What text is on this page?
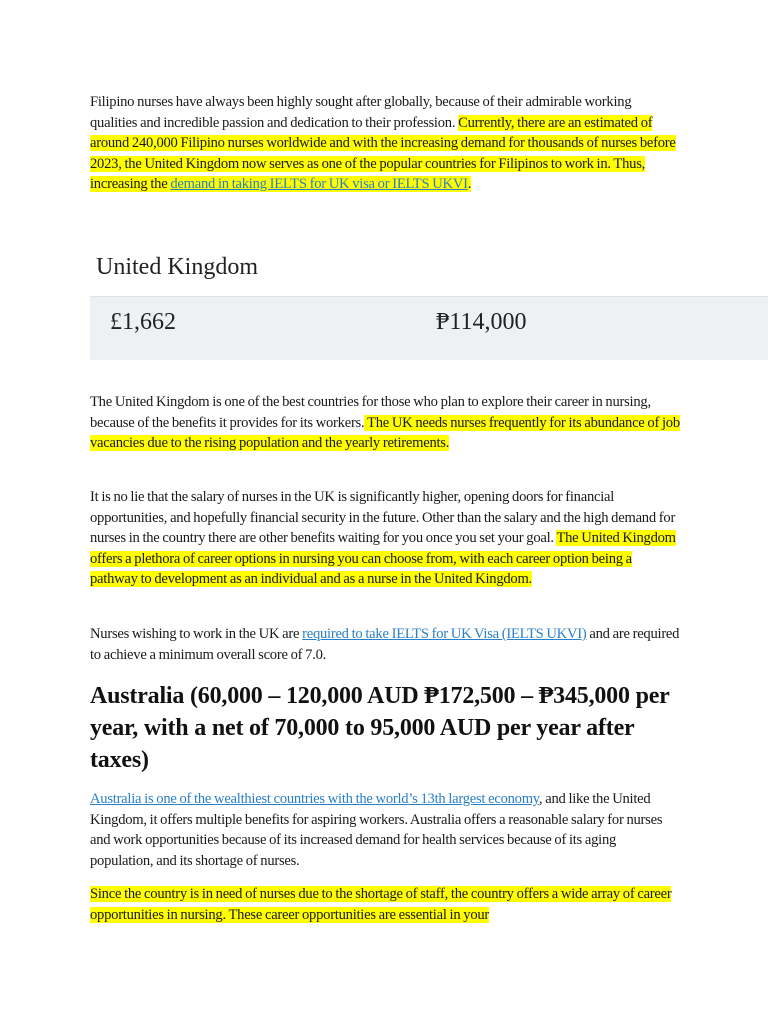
Filipino nurses have always been highly sought after globally, because of their admirable working qualities and incredible passion and dedication to their profession. Currently, there are an estimated of around 240,000 Filipino nurses worldwide and with the increasing demand for thousands of nurses before 2023, the United Kingdom now serves as one of the popular countries for Filipinos to work in. Thus, increasing the demand in taking IELTS for UK visa or IELTS UKVI.

United Kingdom
£1,662	₱114,000

The United Kingdom is one of the best countries for those who plan to explore their career in nursing, because of the benefits it provides for its workers. The UK needs nurses frequently for its abundance of job vacancies due to the rising population and the yearly retirements.

It is no lie that the salary of nurses in the UK is significantly higher, opening doors for financial opportunities, and hopefully financial security in the future. Other than the salary and the high demand for nurses in the country there are other benefits waiting for you once you set your goal. The United Kingdom offers a plethora of career options in nursing you can choose from, with each career option being a pathway to development as an individual and as a nurse in the United Kingdom.

Nurses wishing to work in the UK are required to take IELTS for UK Visa (IELTS UKVI) and are required to achieve a minimum overall score of 7.0.

Australia (60,000 – 120,000 AUD ₱172,500 – ₱345,000 per year, with a net of 70,000 to 95,000 AUD per year after taxes)

Australia is one of the wealthiest countries with the world’s 13th largest economy, and like the United Kingdom, it offers multiple benefits for aspiring workers. Australia offers a reasonable salary for nurses and work opportunities because of its increased demand for health services because of its aging population, and its shortage of nurses.

Since the country is in need of nurses due to the shortage of staff, the country offers a wide array of career opportunities in nursing. These career opportunities are essential in your
